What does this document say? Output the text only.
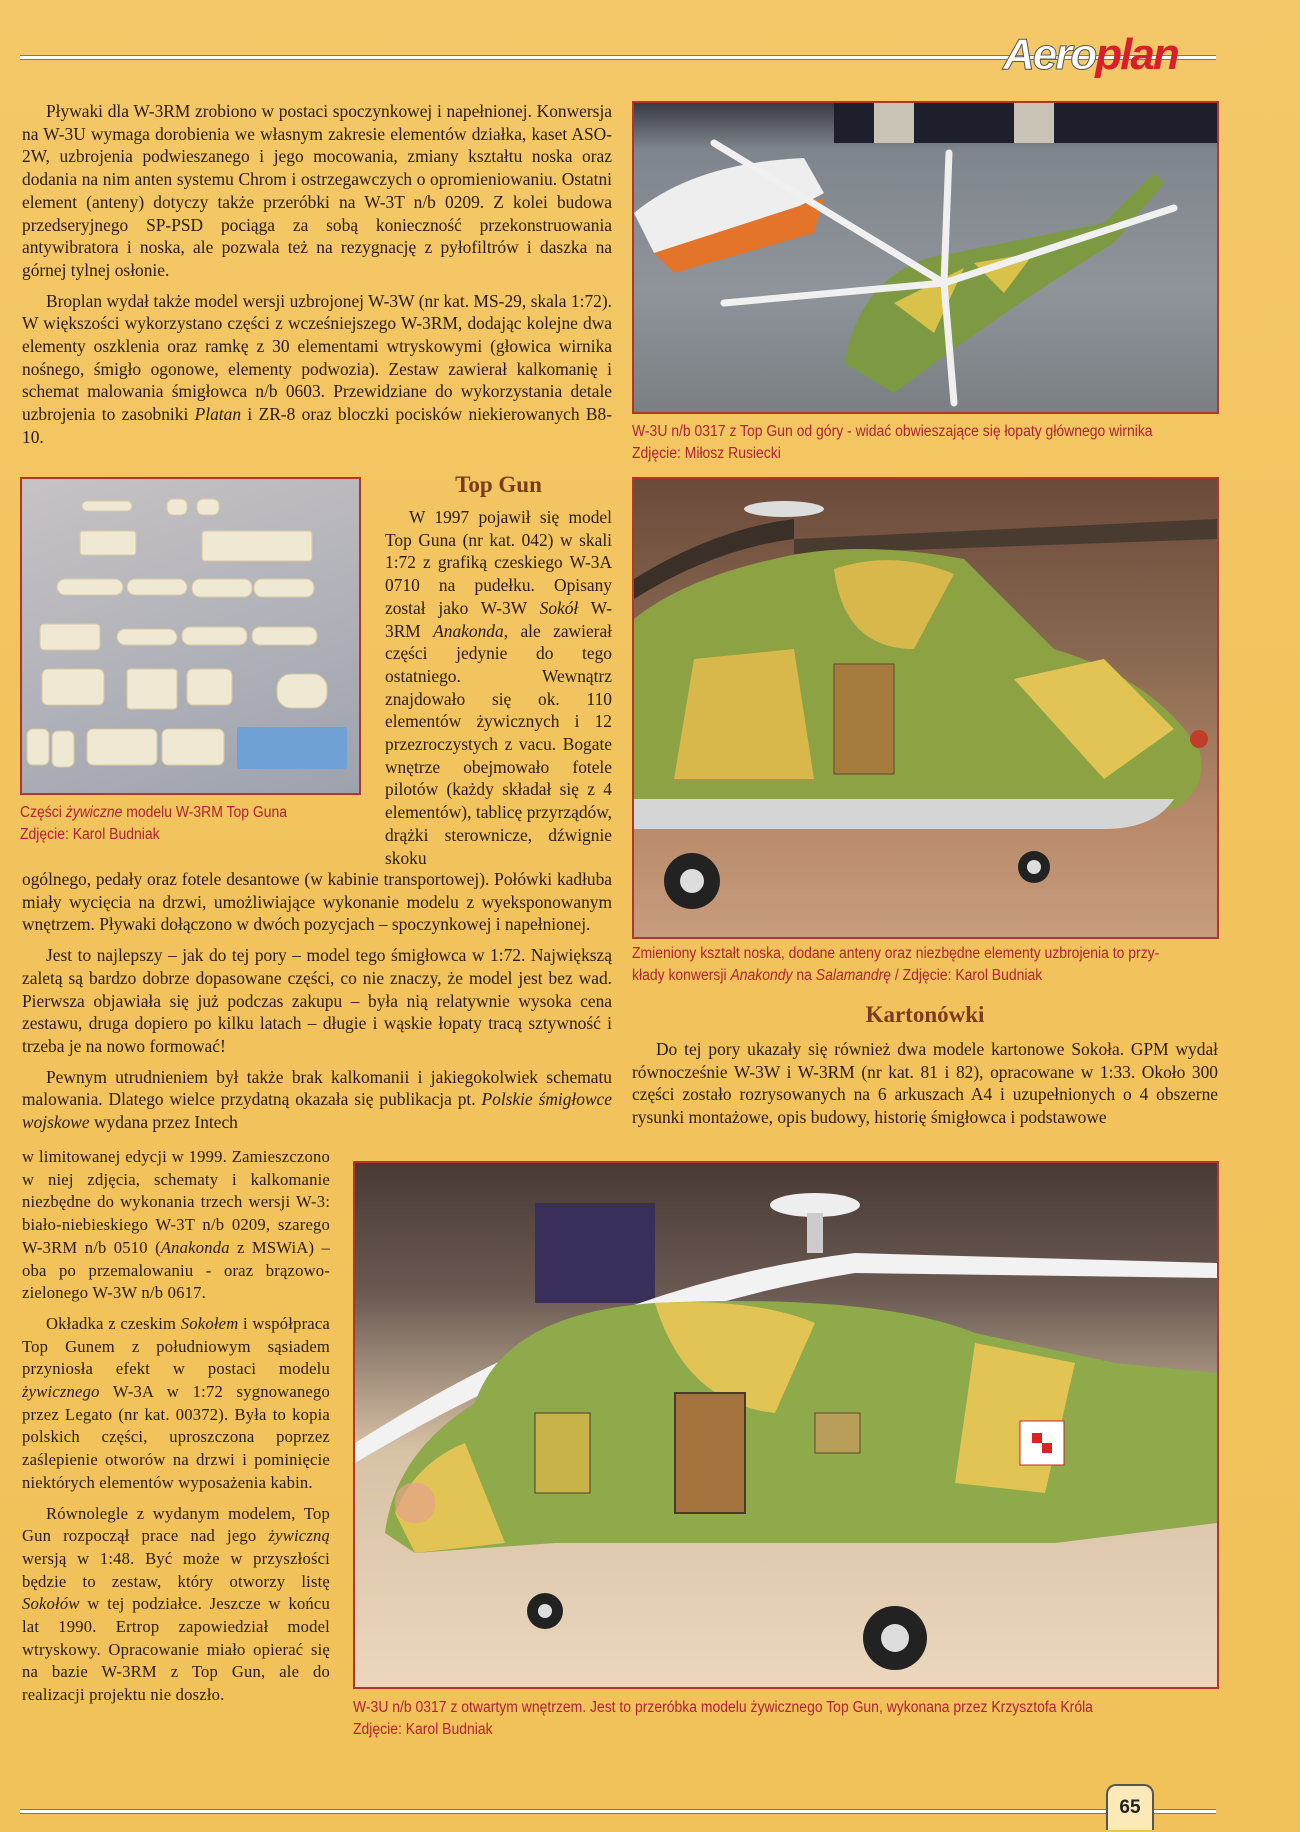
Aeroplan

Pływaki dla W-3RM zrobiono w postaci spoczynkowej i napełnionej. Konwersja na W-3U wymaga dorobienia we własnym zakresie elementów działka, kaset ASO-2W, uzbrojenia podwieszanego i jego mocowania, zmiany kształtu noska oraz dodania na nim anten systemu Chrom i ostrzegawczych o opromieniowaniu. Ostatni element (anteny) dotyczy także przeróbki na W-3T n/b 0209. Z kolei budowa przedseryjnego SP-PSD pociąga za sobą konieczność przekonstruowania antywibratora i noska, ale pozwala też na rezygnację z pyłofiltrów i daszka na górnej tylnej osłonie.

Broplan wydał także model wersji uzbrojonej W-3W (nr kat. MS-29, skala 1:72). W większości wykorzystano części z wcześniejszego W-3RM, dodając kolejne dwa elementy oszklenia oraz ramkę z 30 elementami wtryskowymi (głowica wirnika nośnego, śmigło ogonowe, elementy podwozia). Zestaw zawierał kalkomanię i schemat malowania śmigłowca n/b 0603. Przewidziane do wykorzystania detale uzbrojenia to zasobniki Platan i ZR-8 oraz bloczki pocisków niekierowanych B8-10.

Części żywiczne modelu W-3RM Top Guna
Zdjęcie: Karol Budniak
Top Gun

W 1997 pojawił się model Top Guna (nr kat. 042) w skali 1:72 z grafiką czeskiego W-3A 0710 na pudełku. Opisany został jako W-3W Sokół W-3RM Anakonda, ale zawierał części jedynie do tego ostatniego. Wewnątrz znajdowało się ok. 110 elementów żywicznych i 12 przezroczystych z vacu. Bogate wnętrze obejmowało fotele pilotów (każdy składał się z 4 elementów), tablicę przyrządów, drążki sterownicze, dźwignie skoku

ogólnego, pedały oraz fotele desantowe (w kabinie transportowej). Połówki kadłuba miały wycięcia na drzwi, umożliwiające wykonanie modelu z wyeksponowanym wnętrzem. Pływaki dołączono w dwóch pozycjach – spoczynkowej i napełnionej.

Jest to najlepszy – jak do tej pory – model tego śmigłowca w 1:72. Największą zaletą są bardzo dobrze dopasowane części, co nie znaczy, że model jest bez wad. Pierwsza objawiała się już podczas zakupu – była nią relatywnie wysoka cena zestawu, druga dopiero po kilku latach – długie i wąskie łopaty tracą sztywność i trzeba je na nowo formować!

Pewnym utrudnieniem był także brak kalkomanii i jakiegokolwiek schematu malowania. Dlatego wielce przydatną okazała się publikacja pt. Polskie śmigłowce wojskowe wydana przez Intech

w limitowanej edycji w 1999. Zamieszczono w niej zdjęcia, schematy i kalkomanie niezbędne do wykonania trzech wersji W-3: biało-niebieskiego W-3T n/b 0209, szarego W-3RM n/b 0510 (Anakonda z MSWiA) – oba po przemalowaniu - oraz brązowo-zielonego W-3W n/b 0617.

Okładka z czeskim Sokołem i współpraca Top Gunem z południowym sąsiadem przyniosła efekt w postaci modelu żywicznego W-3A w 1:72 sygnowanego przez Legato (nr kat. 00372). Była to kopia polskich części, uproszczona poprzez zaślepienie otworów na drzwi i pominięcie niektórych elementów wyposażenia kabin.

Równolegle z wydanym modelem, Top Gun rozpoczął prace nad jego żywiczną wersją w 1:48. Być może w przyszłości będzie to zestaw, który otworzy listę Sokołów w tej podziałce. Jeszcze w końcu lat 1990. Ertrop zapowiedział model wtryskowy. Opracowanie miało opierać się na bazie W-3RM z Top Gun, ale do realizacji projektu nie doszło.

W-3U n/b 0317 z Top Gun od góry - widać obwieszające się łopaty głównego wirnika
Zdjęcie: Miłosz Rusiecki
Zmieniony kształt noska, dodane anteny oraz niezbędne elementy uzbrojenia to przy-
kłady konwersji Anakondy na Salamandrę / Zdjęcie: Karol Budniak
Kartonówki

Do tej pory ukazały się również dwa modele kartonowe Sokoła. GPM wydał równocześnie W-3W i W-3RM (nr kat. 81 i 82), opracowane w 1:33. Około 300 części zostało rozrysowanych na 6 arkuszach A4 i uzupełnionych o 4 obszerne rysunki montażowe, opis budowy, historię śmigłowca i podstawowe

W-3U n/b 0317 z otwartym wnętrzem. Jest to przeróbka modelu żywicznego Top Gun, wykonana przez Krzysztofa Króla
Zdjęcie: Karol Budniak
65
